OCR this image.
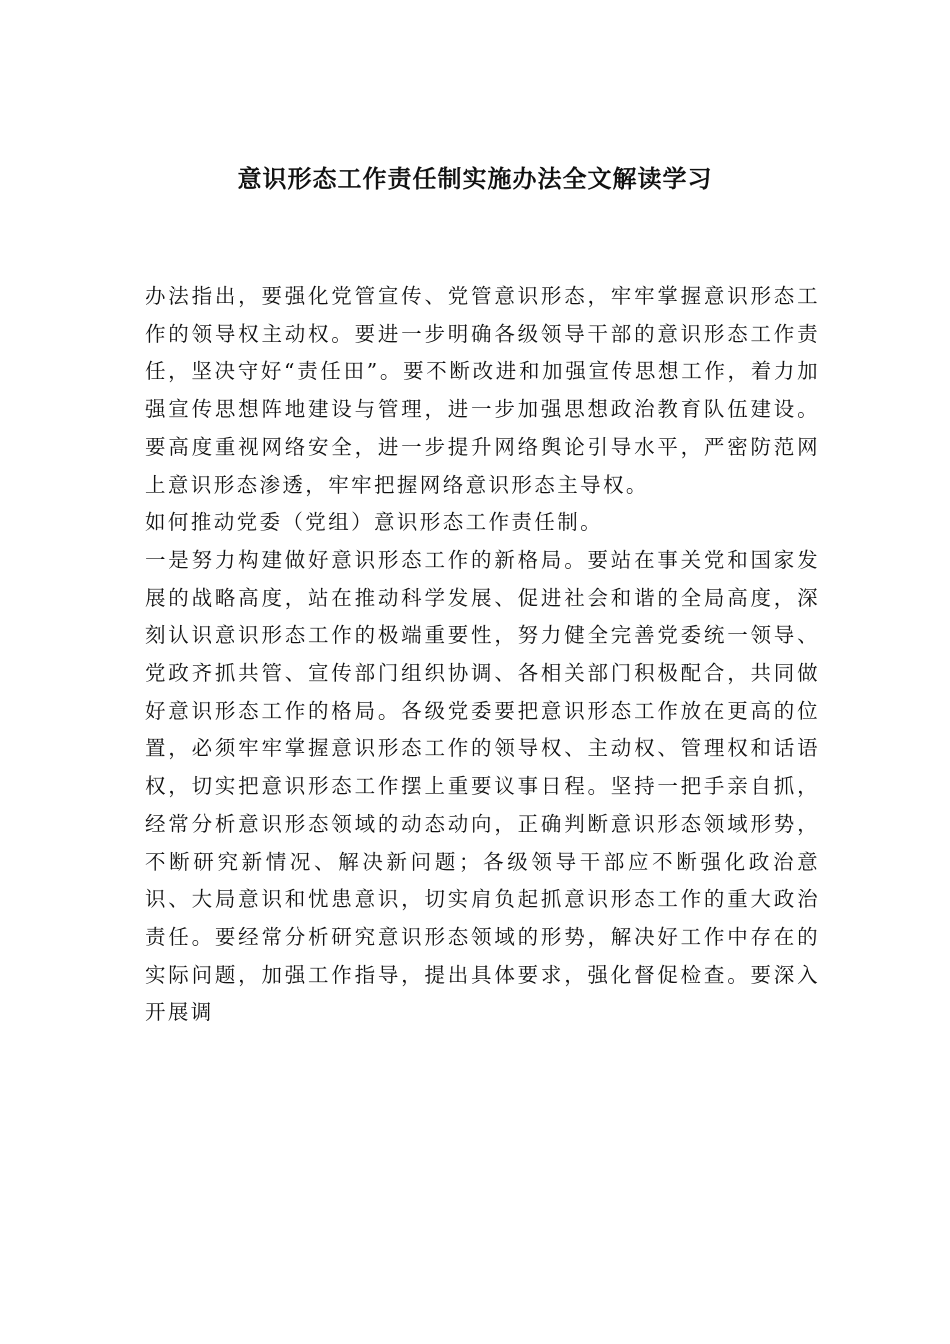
意识形态工作责任制实施办法全文解读学习

办法指出，要强化党管宣传、党管意识形态，牢牢掌握意识形态工作的领导权主动权。要进一步明确各级领导干部的意识形态工作责任，坚决守好“责任田”。要不断改进和加强宣传思想工作，着力加强宣传思想阵地建设与管理，进一步加强思想政治教育队伍建设。要高度重视网络安全，进一步提升网络舆论引导水平，严密防范网上意识形态渗透，牢牢把握网络意识形态主导权。

如何推动党委（党组）意识形态工作责任制。

一是努力构建做好意识形态工作的新格局。要站在事关党和国家发展的战略高度，站在推动科学发展、促进社会和谐的全局高度，深刻认识意识形态工作的极端重要性，努力健全完善党委统一领导、党政齐抓共管、宣传部门组织协调、各相关部门积极配合，共同做好意识形态工作的格局。各级党委要把意识形态工作放在更高的位置，必须牢牢掌握意识形态工作的领导权、主动权、管理权和话语权，切实把意识形态工作摆上重要议事日程。坚持一把手亲自抓，经常分析意识形态领域的动态动向，正确判断意识形态领域形势，不断研究新情况、解决新问题；各级领导干部应不断强化政治意识、大局意识和忧患意识，切实肩负起抓意识形态工作的重大政治责任。要经常分析研究意识形态领域的形势，解决好工作中存在的实际问题，加强工作指导，提出具体要求，强化督促检查。要深入开展调
